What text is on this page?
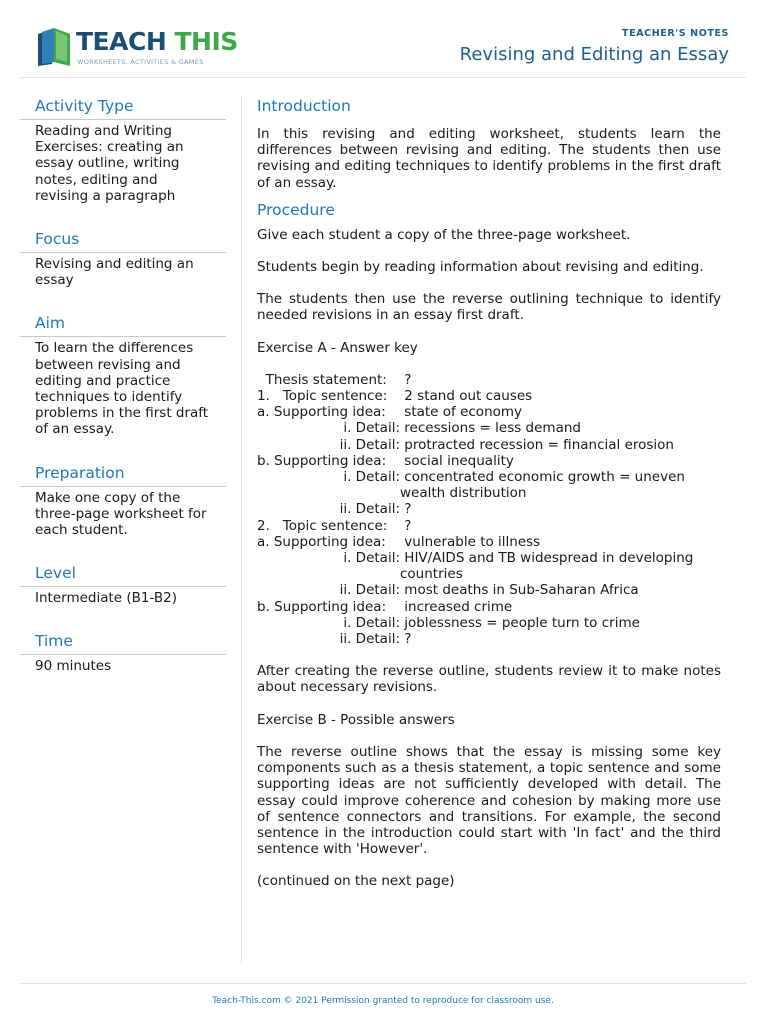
TEACH THIS
WORKSHEETS, ACTIVITIES & GAMES
TEACHER'S NOTES
Revising and Editing an Essay
Activity Type
Reading and Writing
Exercises: creating an
essay outline, writing
notes, editing and
revising a paragraph
Focus
Revising and editing an
essay
Aim
To learn the differences
between revising and
editing and practice
techniques to identify
problems in the first draft
of an essay.
Preparation
Make one copy of the
three-page worksheet for
each student.
Level
Intermediate (B1-B2)
Time
90 minutes
Introduction
In this revising and editing worksheet, students learn the differences between revising and editing. The students then use revising and editing techniques to identify problems in the first draft of an essay.
Procedure
Give each student a copy of the three-page worksheet.
Students begin by reading information about revising and editing.
The students then use the reverse outlining technique to identify needed revisions in an essay first draft.
Exercise A - Answer key
Thesis statement: ?
1.   Topic sentence: 2 stand out causes
a. Supporting idea:	state of economy
i. Detail: recessions = less demand
ii. Detail: protracted recession = financial erosion
b. Supporting idea:	social inequality
i. Detail: concentrated economic growth = uneven wealth distribution
ii. Detail: ?
2.   Topic sentence: ?
a. Supporting idea:	vulnerable to illness
i. Detail: HIV/AIDS and TB widespread in developing countries
ii. Detail: most deaths in Sub-Saharan Africa
b. Supporting idea:	increased crime
i. Detail: joblessness = people turn to crime
ii. Detail: ?
After creating the reverse outline, students review it to make notes about necessary revisions.
Exercise B - Possible answers
The reverse outline shows that the essay is missing some key components such as a thesis statement, a topic sentence and some supporting ideas are not sufficiently developed with detail. The essay could improve coherence and cohesion by making more use of sentence connectors and transitions. For example, the second sentence in the introduction could start with 'In fact' and the third sentence with 'However'.
(continued on the next page)
Teach-This.com © 2021 Permission granted to reproduce for classroom use.
